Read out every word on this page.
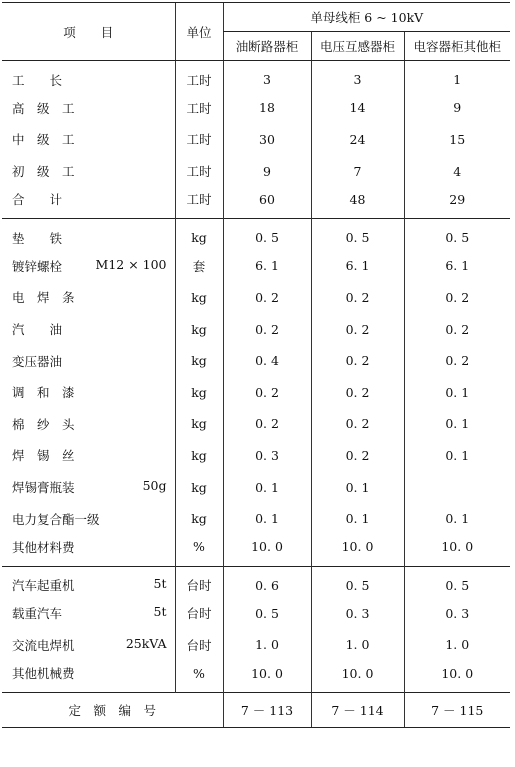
项　　目	单位	单母线柜 6 ~ 10kV		
		油断路器柜	电压互感器柜	电容器柜其他柜
工　　长	工时	3	3	1
高　级　工	工时	18	14	9
中　级　工	工时	30	24	15
初　级　工	工时	9	7	4
合　　计	工时	60	48	29
垫　　铁	kg	0. 5	0. 5	0. 5
镀锌螺栓 M12 × 100	套	6. 1	6. 1	6. 1
电　焊　条	kg	0. 2	0. 2	0. 2
汽　　油	kg	0. 2	0. 2	0. 2
变压器油	kg	0. 4	0. 2	0. 2
调　和　漆	kg	0. 2	0. 2	0. 1
棉　纱　头	kg	0. 2	0. 2	0. 1
焊　锡　丝	kg	0. 3	0. 2	0. 1
焊锡膏瓶装 50g	kg	0. 1	0. 1	
电力复合酯一级	kg	0. 1	0. 1	0. 1
其他材料费	%	10. 0	10. 0	10. 0
汽车起重机 5t	台时	0. 6	0. 5	0. 5
载重汽车 5t	台时	0. 5	0. 3	0. 3
交流电焊机 25kVA	台时	1. 0	1. 0	1. 0
其他机械费	%	10. 0	10. 0	10. 0
定　额　编　号		7 － 113	7 － 114	7 － 115
